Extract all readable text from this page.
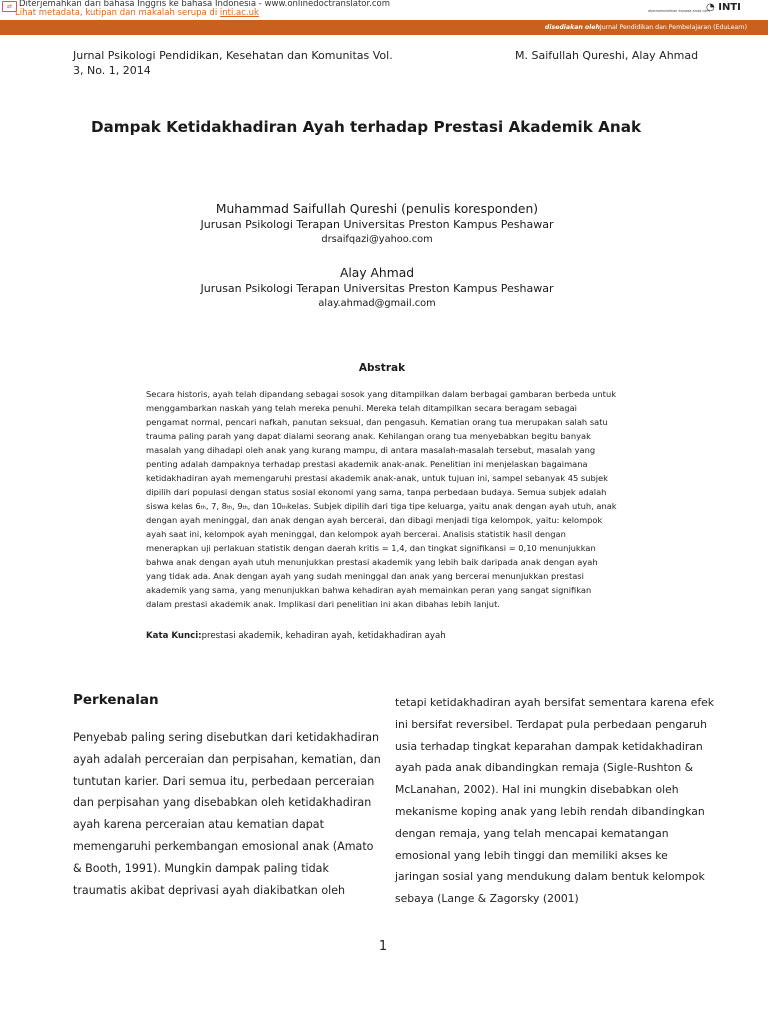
⇄ Diterjemahkan dari bahasa Inggris ke bahasa Indonesia - www.onlinedoctranslator.com
Lihat metadata, kutipan dan makalah serupa di inti.ac.uk	dipersembahkan kepada anda oleh
◔ INTI
disediakan olehJurnal Pendidikan dan Pembelajaran (EduLearn)
Jurnal Psikologi Pendidikan, Kesehatan dan Komunitas Vol. 3, No. 1, 2014
M. Saifullah Qureshi, Alay Ahmad
Dampak Ketidakhadiran Ayah terhadap Prestasi Akademik Anak
Muhammad Saifullah Qureshi (penulis koresponden)
Jurusan Psikologi Terapan Universitas Preston Kampus Peshawar
drsaifqazi@yahoo.com
Alay Ahmad
Jurusan Psikologi Terapan Universitas Preston Kampus Peshawar
alay.ahmad@gmail.com
Abstrak
Secara historis, ayah telah dipandang sebagai sosok yang ditampilkan dalam berbagai gambaran berbeda untuk
menggambarkan naskah yang telah mereka penuhi. Mereka telah ditampilkan secara beragam sebagai
pengamat normal, pencari nafkah, panutan seksual, dan pengasuh. Kematian orang tua merupakan salah satu
trauma paling parah yang dapat dialami seorang anak. Kehilangan orang tua menyebabkan begitu banyak
masalah yang dihadapi oleh anak yang kurang mampu, di antara masalah-masalah tersebut, masalah yang
penting adalah dampaknya terhadap prestasi akademik anak-anak. Penelitian ini menjelaskan bagaimana
ketidakhadiran ayah memengaruhi prestasi akademik anak-anak, untuk tujuan ini, sampel sebanyak 45 subjek
dipilih dari populasi dengan status sosial ekonomi yang sama, tanpa perbedaan budaya. Semua subjek adalah
siswa kelas 6th, 7, 8th, 9th, dan 10thkelas. Subjek dipilih dari tiga tipe keluarga, yaitu anak dengan ayah utuh, anak
dengan ayah meninggal, dan anak dengan ayah bercerai, dan dibagi menjadi tiga kelompok, yaitu: kelompok
ayah saat ini, kelompok ayah meninggal, dan kelompok ayah bercerai. Analisis statistik hasil dengan
menerapkan uji perlakuan statistik dengan daerah kritis = 1,4, dan tingkat signifikansi = 0,10 menunjukkan
bahwa anak dengan ayah utuh menunjukkan prestasi akademik yang lebih baik daripada anak dengan ayah
yang tidak ada. Anak dengan ayah yang sudah meninggal dan anak yang bercerai menunjukkan prestasi
akademik yang sama, yang menunjukkan bahwa kehadiran ayah memainkan peran yang sangat signifikan
dalam prestasi akademik anak. Implikasi dari penelitian ini akan dibahas lebih lanjut.
Kata Kunci:prestasi akademik, kehadiran ayah, ketidakhadiran ayah
Perkenalan
Penyebab paling sering disebutkan dari ketidakhadiran
ayah adalah perceraian dan perpisahan, kematian, dan
tuntutan karier. Dari semua itu, perbedaan perceraian
dan perpisahan yang disebabkan oleh ketidakhadiran
ayah karena perceraian atau kematian dapat
memengaruhi perkembangan emosional anak (Amato
& Booth, 1991). Mungkin dampak paling tidak
traumatis akibat deprivasi ayah diakibatkan oleh
tetapi ketidakhadiran ayah bersifat sementara karena efek
ini bersifat reversibel. Terdapat pula perbedaan pengaruh
usia terhadap tingkat keparahan dampak ketidakhadiran
ayah pada anak dibandingkan remaja (Sigle-Rushton &
McLanahan, 2002). Hal ini mungkin disebabkan oleh
mekanisme koping anak yang lebih rendah dibandingkan
dengan remaja, yang telah mencapai kematangan
emosional yang lebih tinggi dan memiliki akses ke
jaringan sosial yang mendukung dalam bentuk kelompok
sebaya (Lange & Zagorsky (2001)
1
